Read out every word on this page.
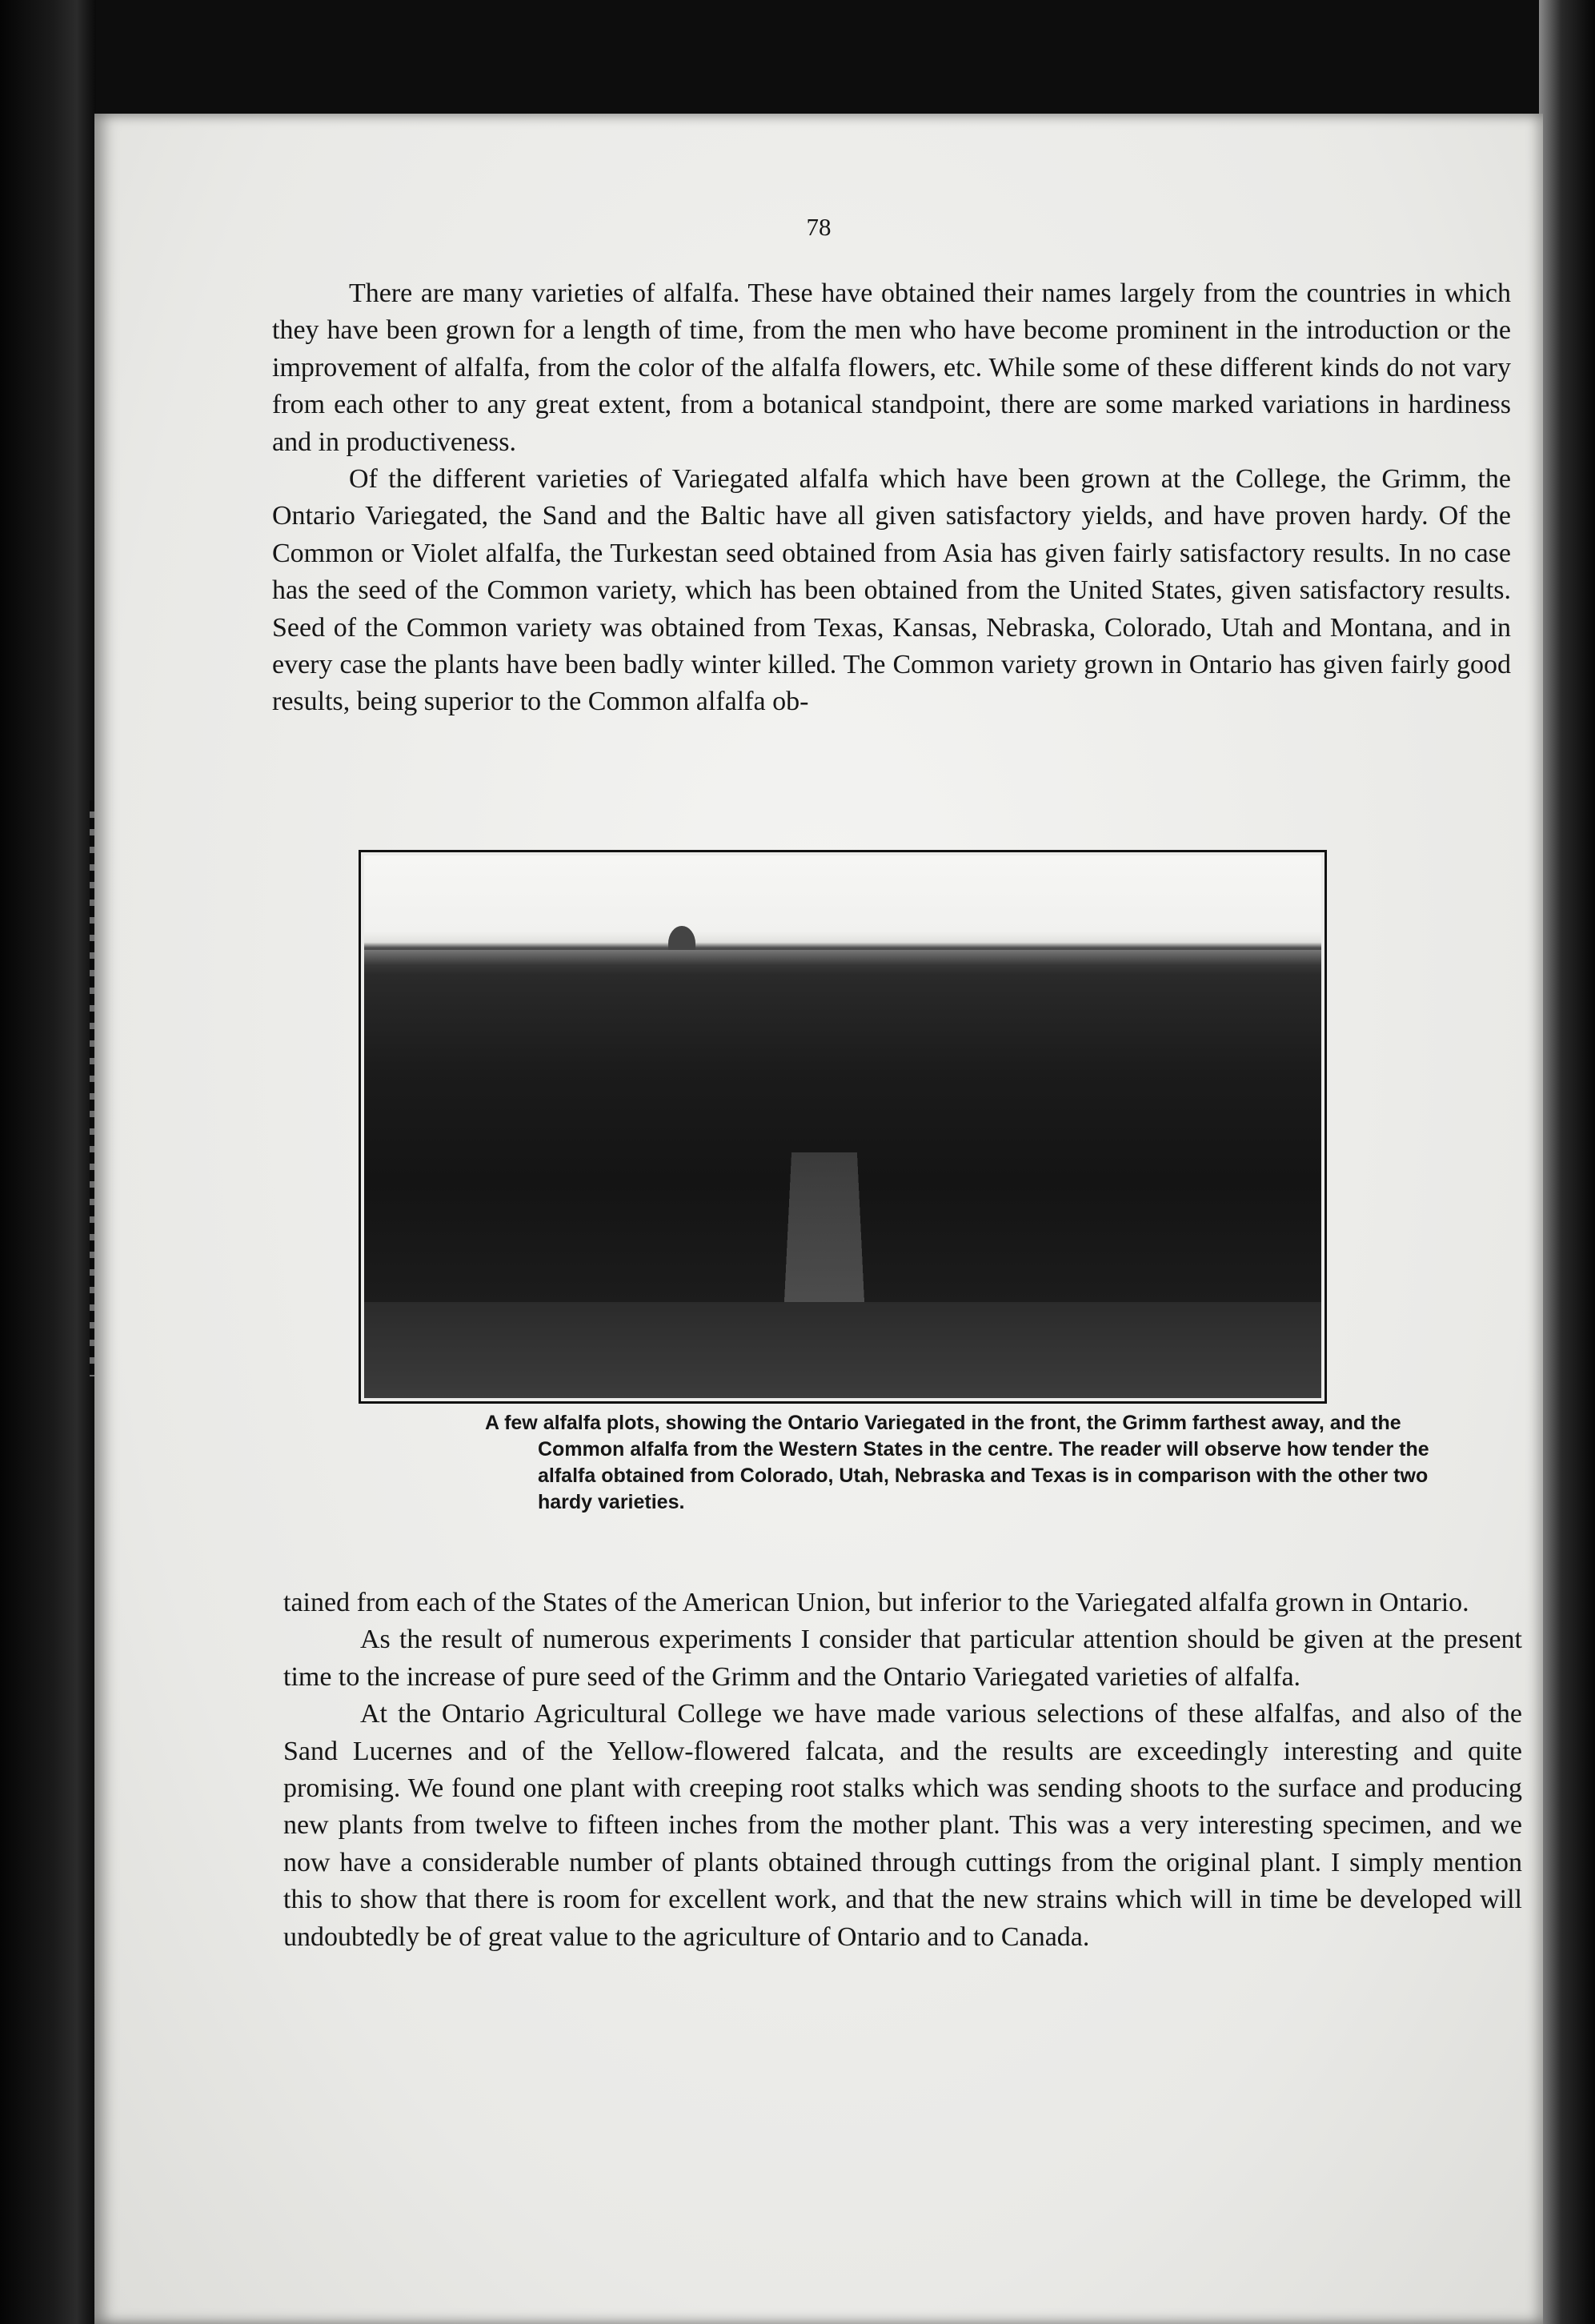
78

There are many varieties of alfalfa. These have obtained their names largely from the countries in which they have been grown for a length of time, from the men who have become prominent in the introduction or the improvement of alfalfa, from the color of the alfalfa flowers, etc. While some of these different kinds do not vary from each other to any great extent, from a botanical standpoint, there are some marked variations in hardiness and in productiveness.

Of the different varieties of Variegated alfalfa which have been grown at the College, the Grimm, the Ontario Variegated, the Sand and the Baltic have all given satisfactory yields, and have proven hardy. Of the Common or Violet alfalfa, the Turkestan seed obtained from Asia has given fairly satisfactory results. In no case has the seed of the Common variety, which has been obtained from the United States, given satisfactory results. Seed of the Common variety was obtained from Texas, Kansas, Nebraska, Colorado, Utah and Montana, and in every case the plants have been badly winter killed. The Common variety grown in Ontario has given fairly good results, being superior to the Common alfalfa ob-

A few alfalfa plots, showing the Ontario Variegated in the front, the Grimm farthest away, and the Common alfalfa from the Western States in the centre. The reader will observe how tender the alfalfa obtained from Colorado, Utah, Nebraska and Texas is in comparison with the other two hardy varieties.

tained from each of the States of the American Union, but inferior to the Variegated alfalfa grown in Ontario.

As the result of numerous experiments I consider that particular attention should be given at the present time to the increase of pure seed of the Grimm and the Ontario Variegated varieties of alfalfa.

At the Ontario Agricultural College we have made various selections of these alfalfas, and also of the Sand Lucernes and of the Yellow-flowered falcata, and the results are exceedingly interesting and quite promising. We found one plant with creeping root stalks which was sending shoots to the surface and producing new plants from twelve to fifteen inches from the mother plant. This was a very interesting specimen, and we now have a considerable number of plants obtained through cuttings from the original plant. I simply mention this to show that there is room for excellent work, and that the new strains which will in time be developed will undoubtedly be of great value to the agriculture of Ontario and to Canada.
